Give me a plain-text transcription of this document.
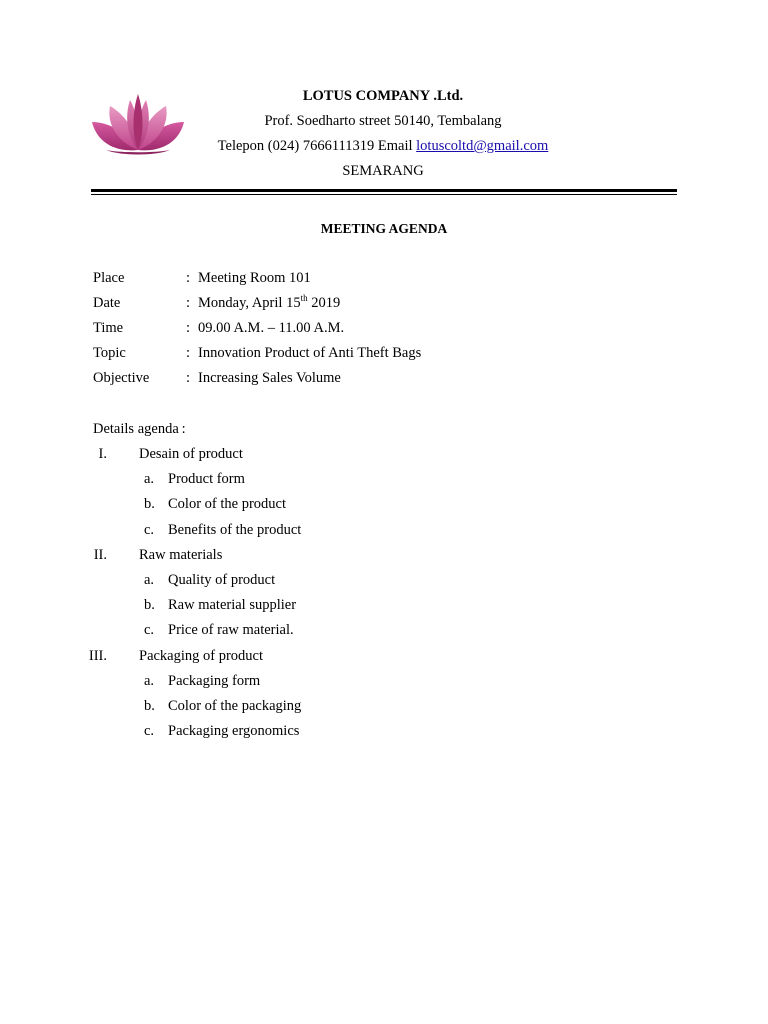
LOTUS COMPANY .Ltd.
Prof. Soedharto street 50140, Tembalang
Telepon (024) 7666111319 Email lotuscoltd@gmail.com
SEMARANG
MEETING AGENDA
Place	: Meeting Room 101
Date	: Monday, April 15th 2019
Time	: 09.00 A.M. – 11.00 A.M.
Topic	: Innovation Product of Anti Theft Bags
Objective	: Increasing Sales Volume
Details agenda :
I. Desain of product
a. Product form
b. Color of the product
c. Benefits of the product
II. Raw materials
a. Quality of product
b. Raw material supplier
c. Price of raw material.
III. Packaging of product
a. Packaging form
b. Color of the packaging
c. Packaging ergonomics
